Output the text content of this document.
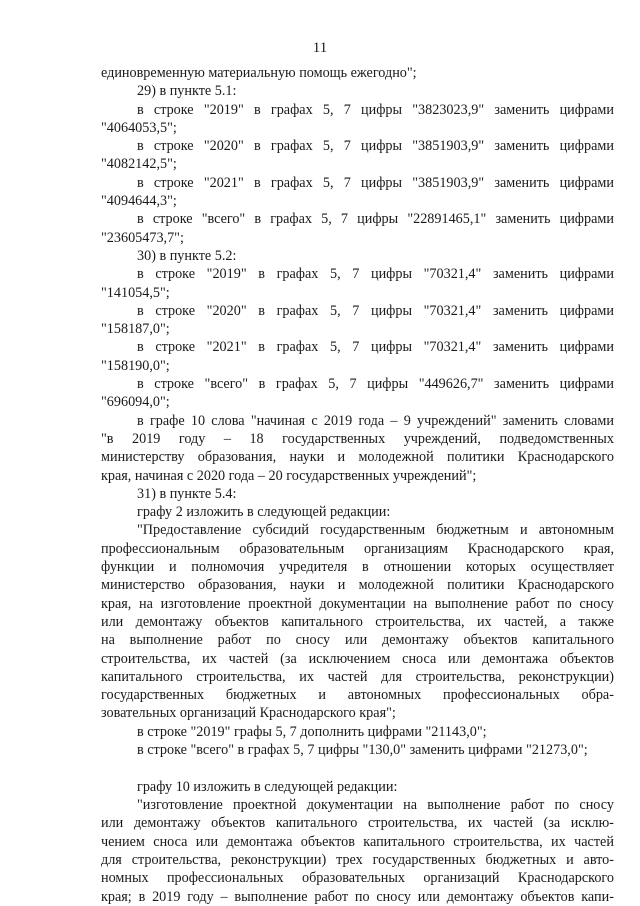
11
единовременную материальную помощь ежегодно";
29) в пункте 5.1:
в строке "2019" в графах 5, 7 цифры "3823023,9" заменить цифрами
"4064053,5";
в строке "2020" в графах 5, 7 цифры "3851903,9" заменить цифрами
"4082142,5";
в строке "2021" в графах 5, 7 цифры "3851903,9" заменить цифрами
"4094644,3";
в строке "всего" в графах 5, 7 цифры "22891465,1" заменить цифрами
"23605473,7";
30) в пункте 5.2:
в строке "2019" в графах 5, 7 цифры "70321,4" заменить цифрами
"141054,5";
в строке "2020" в графах 5, 7 цифры "70321,4" заменить цифрами
"158187,0";
в строке "2021" в графах 5, 7 цифры "70321,4" заменить цифрами
"158190,0";
в строке "всего" в графах 5, 7 цифры "449626,7" заменить цифрами
"696094,0";
в графе 10 слова "начиная с 2019 года – 9 учреждений" заменить словами
"в 2019 году – 18 государственных учреждений, подведомственных
министерству образования, науки и молодежной политики Краснодарского
края, начиная с 2020 года – 20 государственных учреждений";
31) в пункте 5.4:
графу 2 изложить в следующей редакции:
"Предоставление субсидий государственным бюджетным и автономным
профессиональным образовательным организациям Краснодарского края,
функции и полномочия учредителя в отношении которых осуществляет
министерство образования, науки и молодежной политики Краснодарского
края, на изготовление проектной документации на выполнение работ по сносу
или демонтажу объектов капитального строительства, их частей, а также
на выполнение работ по сносу или демонтажу объектов капитального
строительства, их частей (за исключением сноса или демонтажа объектов
капитального строительства, их частей для строительства, реконструкции)
государственных бюджетных и автономных профессиональных обра-
зовательных организаций Краснодарского края";
в строке "2019" графы 5, 7 дополнить цифрами "21143,0";
в строке "всего" в графах 5, 7 цифры "130,0" заменить цифрами "21273,0";
графу 10 изложить в следующей редакции:
"изготовление проектной документации на выполнение работ по сносу
или демонтажу объектов капитального строительства, их частей (за исклю-
чением сноса или демонтажа объектов капитального строительства, их частей
для строительства, реконструкции) трех государственных бюджетных и авто-
номных профессиональных образовательных организаций Краснодарского
края; в 2019 году – выполнение работ по сносу или демонтажу объектов капи-
